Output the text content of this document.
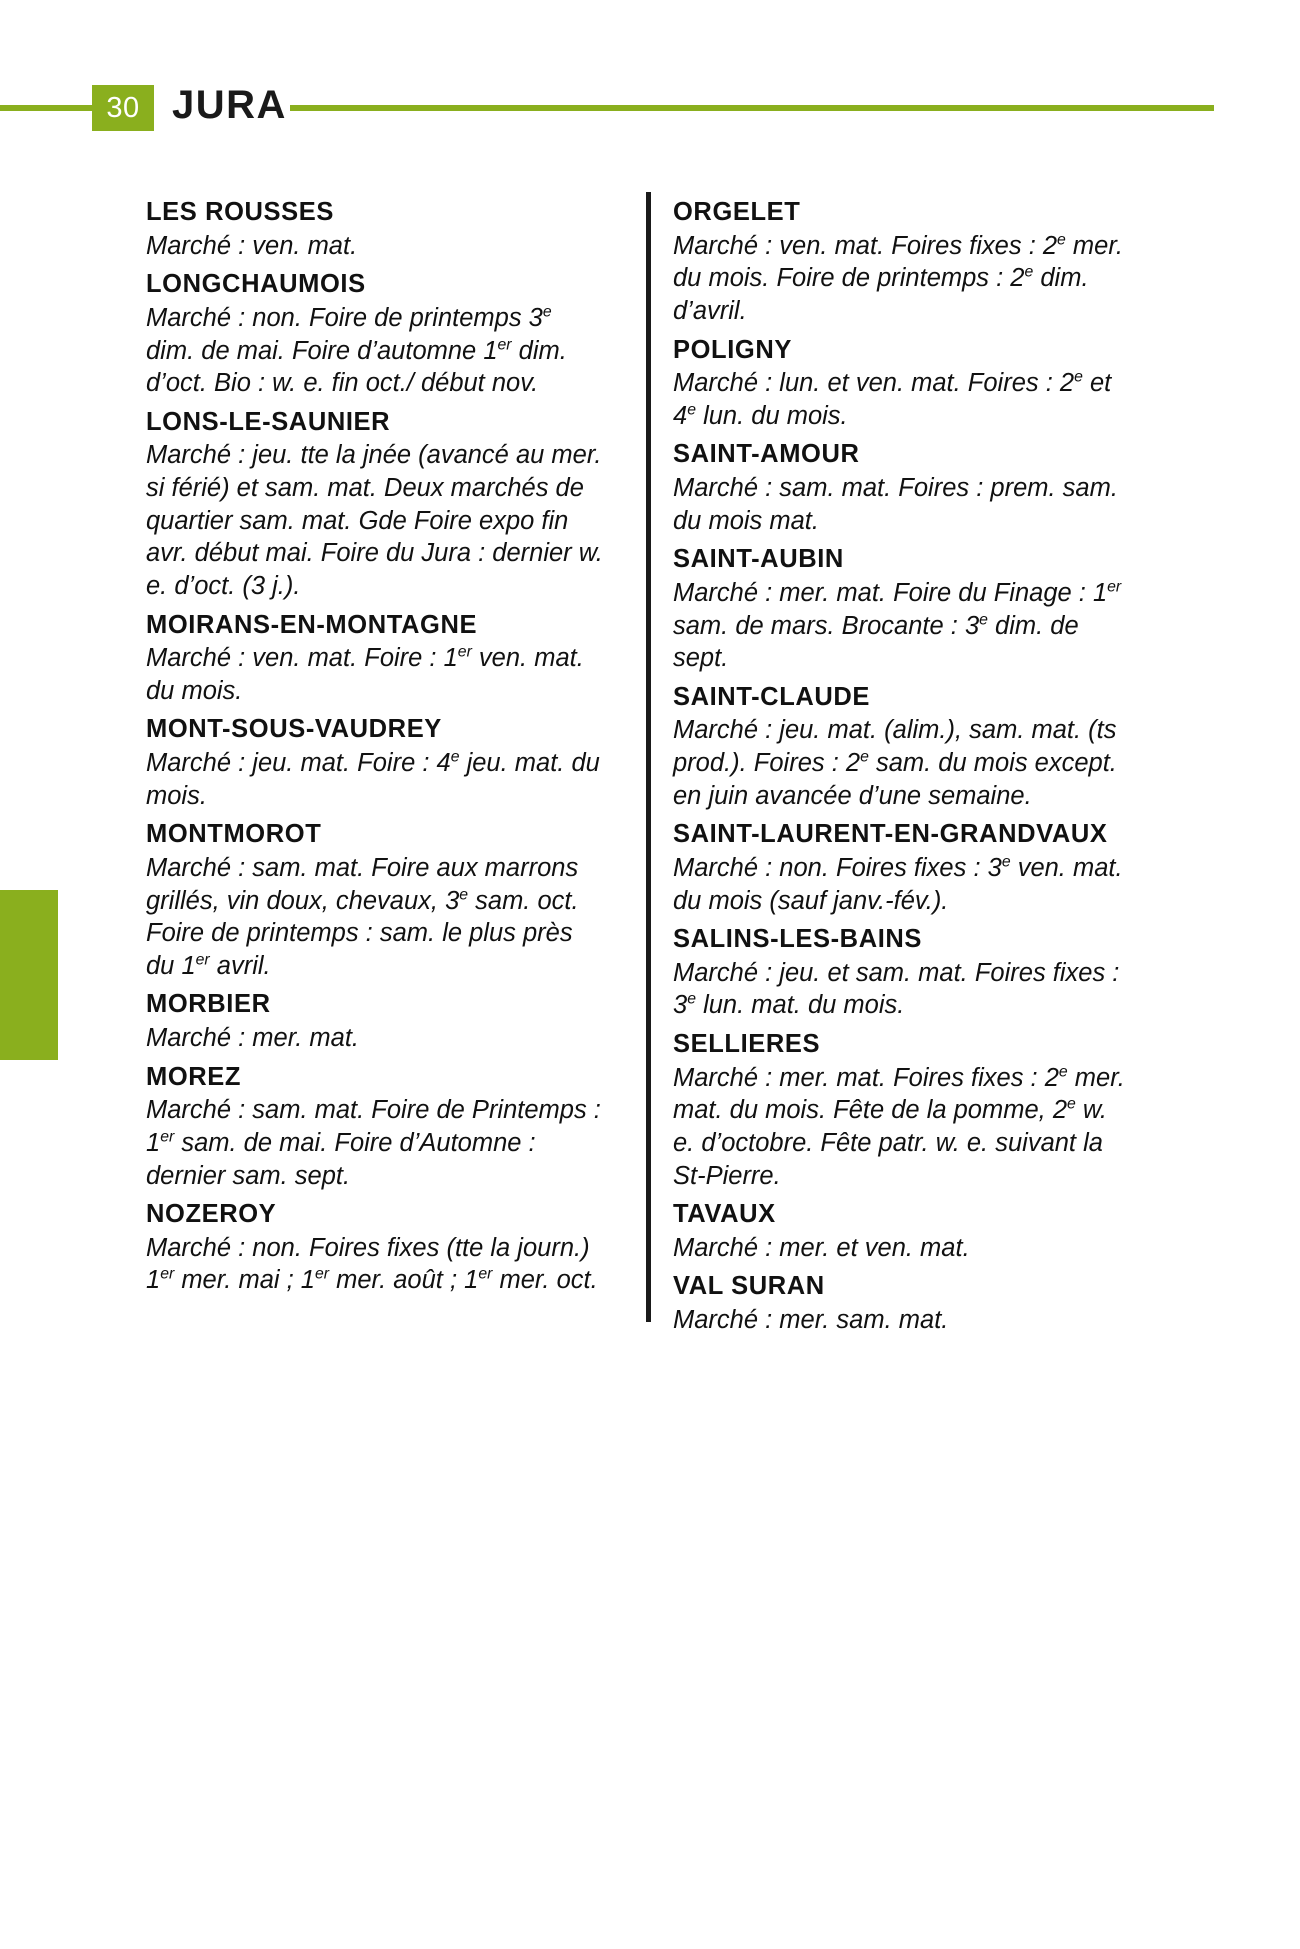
30 JURA
LES ROUSSES
Marché : ven. mat.
LONGCHAUMOIS
Marché : non. Foire de printemps 3e dim. de mai. Foire d’automne 1er dim. d’oct. Bio : w. e. fin oct./ début nov.
LONS-LE-SAUNIER
Marché : jeu. tte la jnée (avancé au mer. si férié) et sam. mat. Deux marchés de quartier sam. mat. Gde Foire expo fin avr. début mai. Foire du Jura : dernier w. e. d’oct. (3 j.).
MOIRANS-EN-MONTAGNE
Marché : ven. mat. Foire : 1er ven. mat. du mois.
MONT-SOUS-VAUDREY
Marché : jeu. mat. Foire : 4e jeu. mat. du mois.
MONTMOROT
Marché : sam. mat. Foire aux marrons grillés, vin doux, chevaux, 3e sam. oct. Foire de printemps : sam. le plus près du 1er avril.
MORBIER
Marché : mer. mat.
MOREZ
Marché : sam. mat. Foire de Printemps : 1er sam. de mai. Foire d’Automne : dernier sam. sept.
NOZEROY
Marché : non. Foires fixes (tte la journ.) 1er mer. mai ; 1er mer. août ; 1er mer. oct.
ORGELET
Marché : ven. mat. Foires fixes : 2e mer. du mois. Foire de printemps : 2e dim. d’avril.
POLIGNY
Marché : lun. et ven. mat. Foires : 2e et 4e lun. du mois.
SAINT-AMOUR
Marché : sam. mat. Foires : prem. sam. du mois mat.
SAINT-AUBIN
Marché : mer. mat. Foire du Finage : 1er sam. de mars. Brocante : 3e dim. de sept.
SAINT-CLAUDE
Marché : jeu. mat. (alim.), sam. mat. (ts prod.). Foires : 2e sam. du mois except. en juin avancée d’une semaine.
SAINT-LAURENT-EN-GRANDVAUX
Marché : non. Foires fixes : 3e ven. mat. du mois (sauf janv.-fév.).
SALINS-LES-BAINS
Marché : jeu. et sam. mat. Foires fixes : 3e lun. mat. du mois.
SELLIERES
Marché : mer. mat. Foires fixes : 2e mer. mat. du mois. Fête de la pomme, 2e w. e. d’octobre. Fête patr. w. e. suivant la St-Pierre.
TAVAUX
Marché : mer. et ven. mat.
VAL SURAN
Marché : mer. sam. mat.
